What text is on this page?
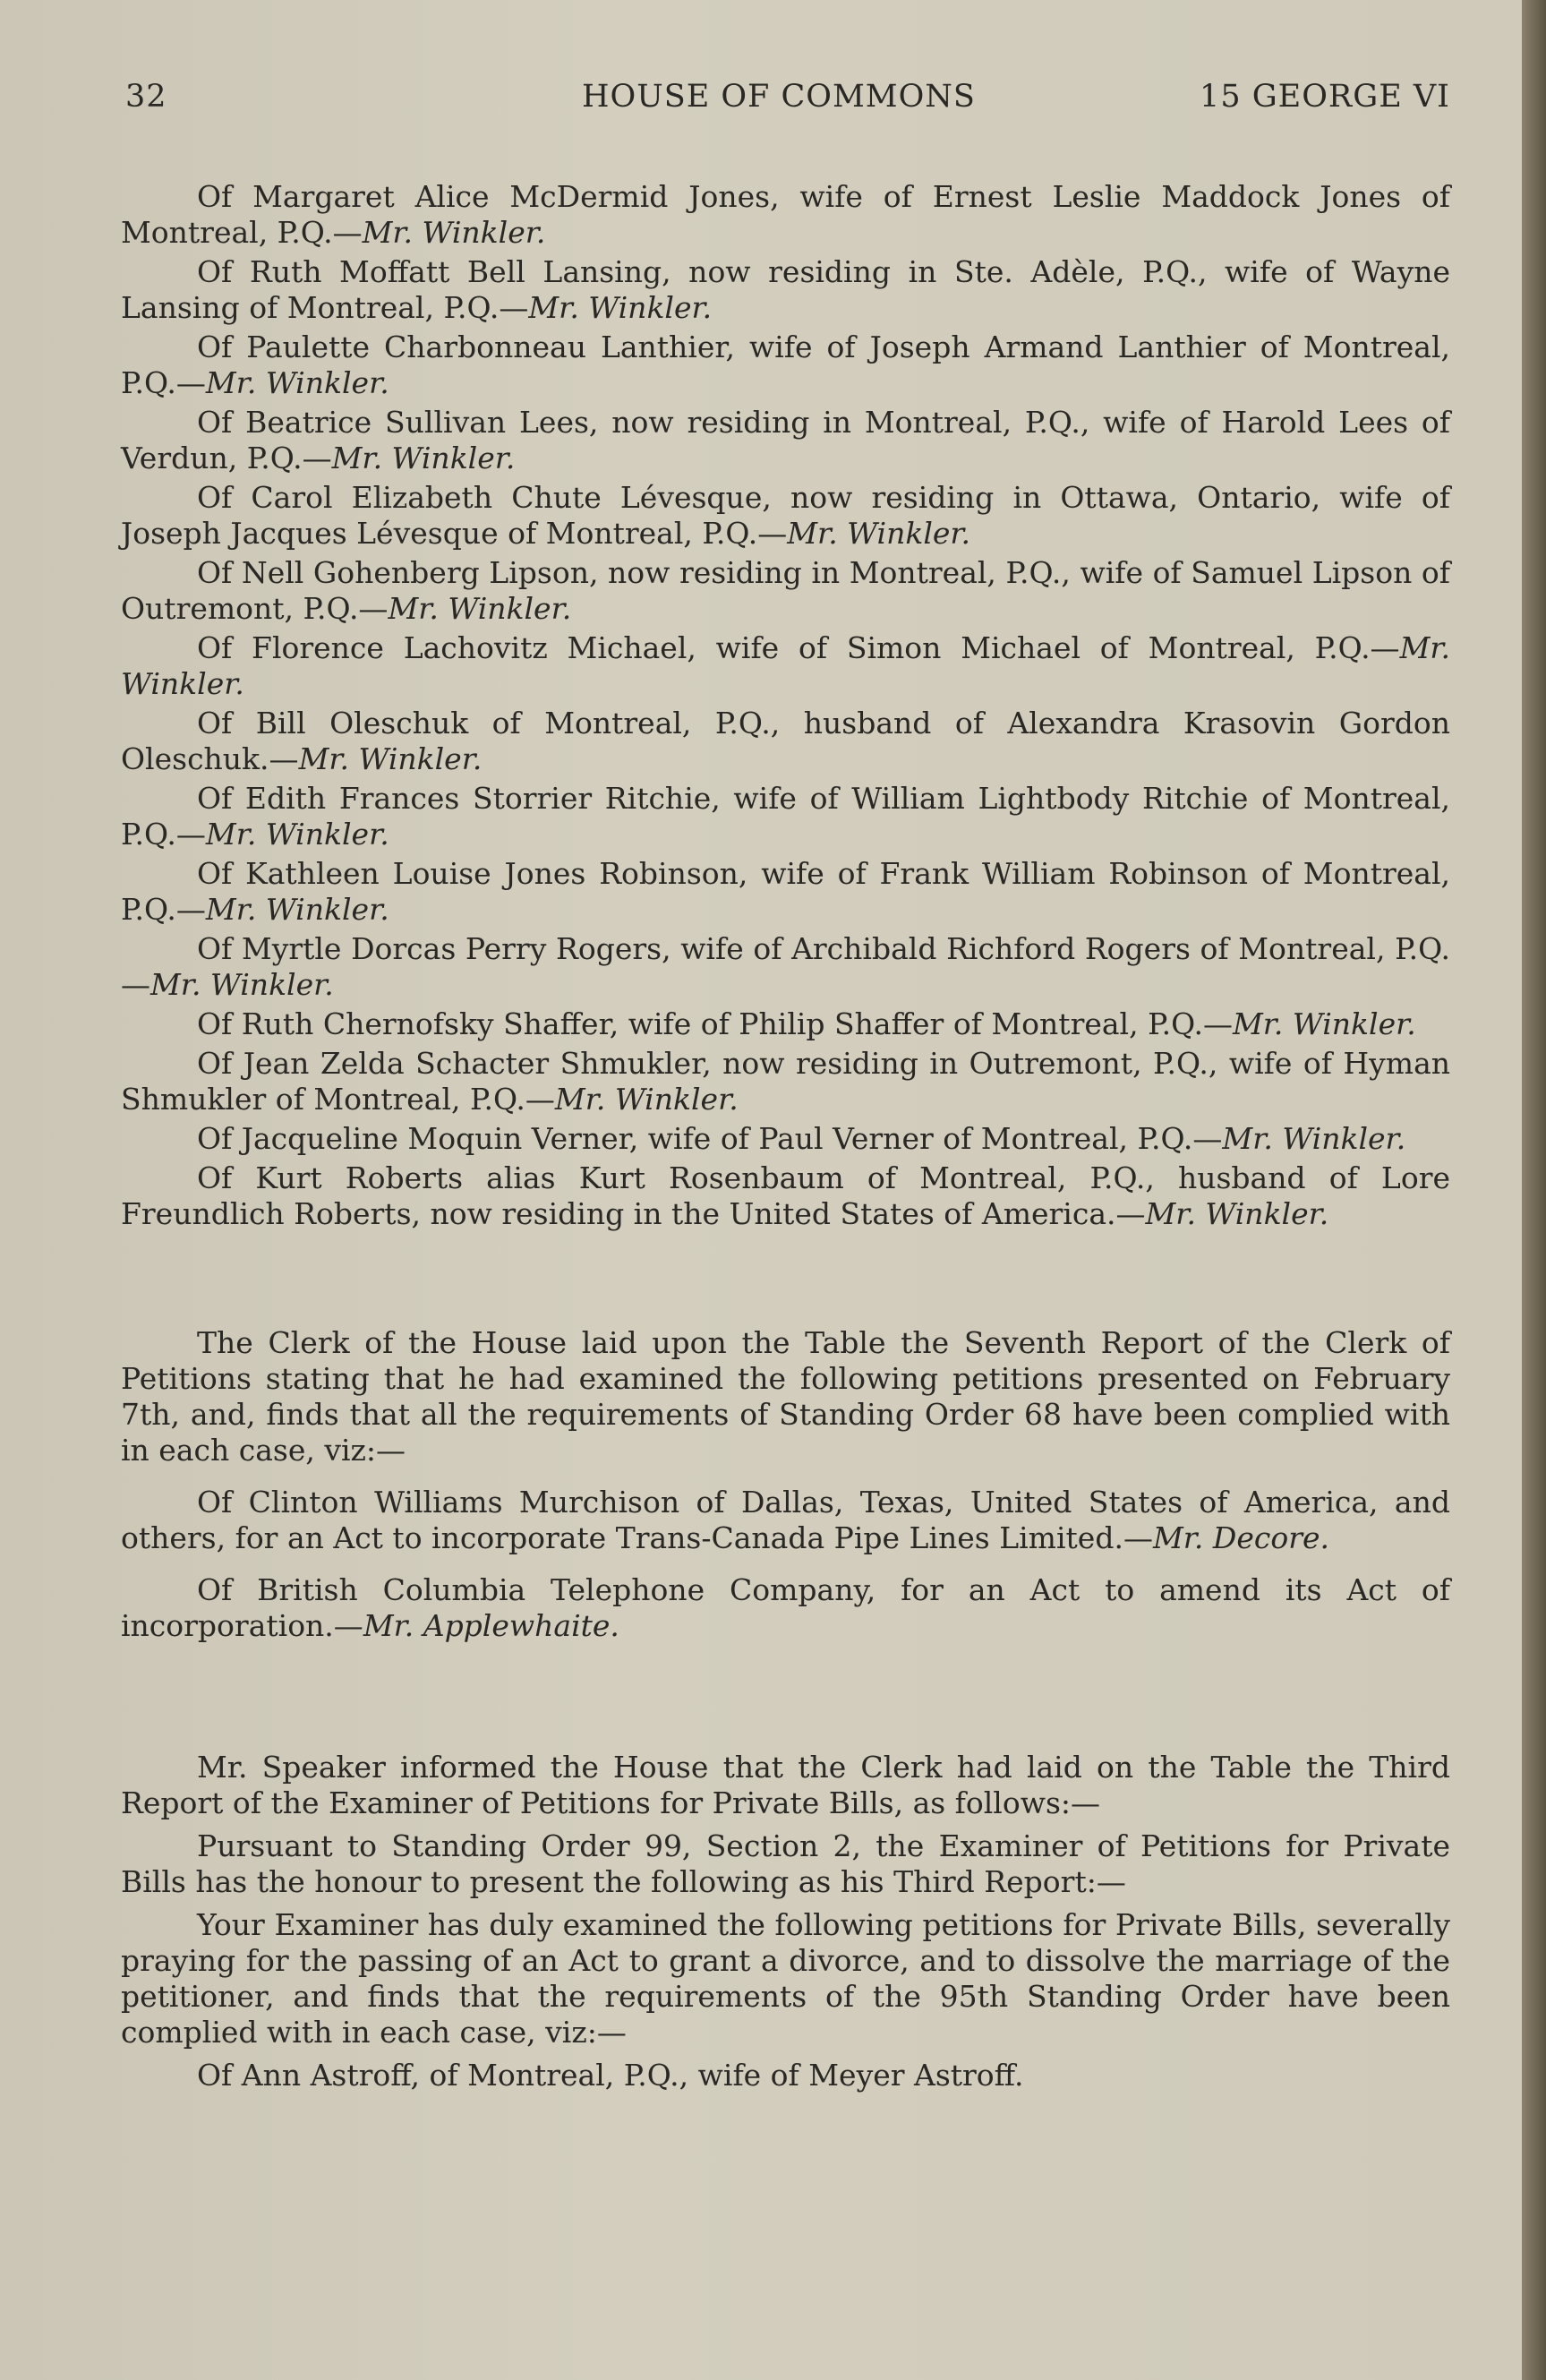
32	HOUSE OF COMMONS	15 GEORGE VI

Of Margaret Alice McDermid Jones, wife of Ernest Leslie Maddock Jones of Montreal, P.Q.—Mr. Winkler.

Of Ruth Moffatt Bell Lansing, now residing in Ste. Adèle, P.Q., wife of Wayne Lansing of Montreal, P.Q.—Mr. Winkler.

Of Paulette Charbonneau Lanthier, wife of Joseph Armand Lanthier of Montreal, P.Q.—Mr. Winkler.

Of Beatrice Sullivan Lees, now residing in Montreal, P.Q., wife of Harold Lees of Verdun, P.Q.—Mr. Winkler.

Of Carol Elizabeth Chute Lévesque, now residing in Ottawa, Ontario, wife of Joseph Jacques Lévesque of Montreal, P.Q.—Mr. Winkler.

Of Nell Gohenberg Lipson, now residing in Montreal, P.Q., wife of Samuel Lipson of Outremont, P.Q.—Mr. Winkler.

Of Florence Lachovitz Michael, wife of Simon Michael of Montreal, P.Q.—Mr. Winkler.

Of Bill Oleschuk of Montreal, P.Q., husband of Alexandra Krasovin Gordon Oleschuk.—Mr. Winkler.

Of Edith Frances Storrier Ritchie, wife of William Lightbody Ritchie of Montreal, P.Q.—Mr. Winkler.

Of Kathleen Louise Jones Robinson, wife of Frank William Robinson of Montreal, P.Q.—Mr. Winkler.

Of Myrtle Dorcas Perry Rogers, wife of Archibald Richford Rogers of Montreal, P.Q.—Mr. Winkler.

Of Ruth Chernofsky Shaffer, wife of Philip Shaffer of Montreal, P.Q.—Mr. Winkler.

Of Jean Zelda Schacter Shmukler, now residing in Outremont, P.Q., wife of Hyman Shmukler of Montreal, P.Q.—Mr. Winkler.

Of Jacqueline Moquin Verner, wife of Paul Verner of Montreal, P.Q.—Mr. Winkler.

Of Kurt Roberts alias Kurt Rosenbaum of Montreal, P.Q., husband of Lore Freundlich Roberts, now residing in the United States of America.—Mr. Winkler.

The Clerk of the House laid upon the Table the Seventh Report of the Clerk of Petitions stating that he had examined the following petitions presented on February 7th, and, finds that all the requirements of Standing Order 68 have been complied with in each case, viz:—

Of Clinton Williams Murchison of Dallas, Texas, United States of America, and others, for an Act to incorporate Trans-Canada Pipe Lines Limited.—Mr. Decore.

Of British Columbia Telephone Company, for an Act to amend its Act of incorporation.—Mr. Applewhaite.

Mr. Speaker informed the House that the Clerk had laid on the Table the Third Report of the Examiner of Petitions for Private Bills, as follows:—

Pursuant to Standing Order 99, Section 2, the Examiner of Petitions for Private Bills has the honour to present the following as his Third Report:—

Your Examiner has duly examined the following petitions for Private Bills, severally praying for the passing of an Act to grant a divorce, and to dissolve the marriage of the petitioner, and finds that the requirements of the 95th Standing Order have been complied with in each case, viz:—

Of Ann Astroff, of Montreal, P.Q., wife of Meyer Astroff.
